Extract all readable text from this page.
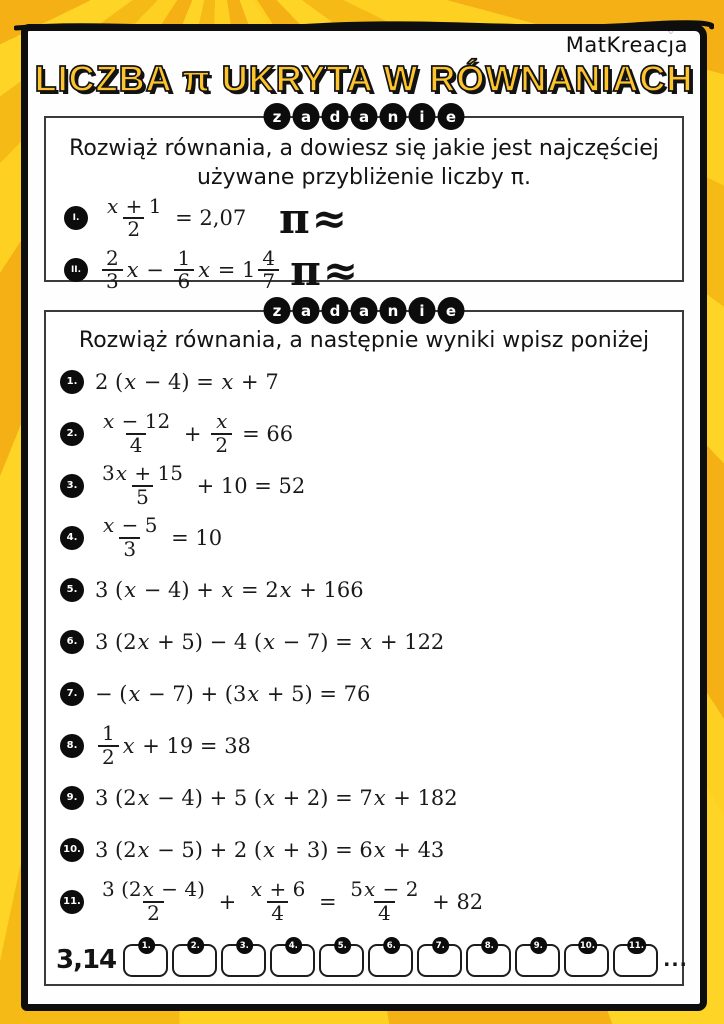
MatKreacȷ
♡
a
LICZBA π UKRYTA W RÓWNANIACH
z	a	d	a	n	i	e
Rozwiąż równania, a dowiesz się jakie jest najczęściej
używane przybliżenie liczby π.
I.	$\frac{x + 1}{2} = 2,07$ π≈
II.	$\frac{2}{3}$ $x - \frac{1}{6}$ $x = 1 \frac{4}{7} \pi\approx$
z	a	d	a	n	i	e
Rozwiąż równania, a następnie wyniki wpisz poniżej
1. 2 (x − 4) = x + 7
2.	$\frac{x - 12}{4} + \frac{x}{2} = 66$
3.	$\frac{3x + 15}{5} + 10 = 52$
4.	$\frac{x - 5}{3} = 10$
5. 3 (x − 4) + x = 2x + 166
6. 3 (2x + 5) − 4 (x − 7) = x + 122
7. − (x − 7) + (3x + 5) = 76
8.	$\frac{1}{2}$ x + 19 = 38
9. 3 (2x − 4) + 5 (x + 2) = 7x + 182
10. 3 (2x − 5) + 2 (x + 3) = 6x + 43
11. $\frac{3 (2x - 4)}{2} + \frac{x + 6}{4} = \frac{5x - 2}{4} + 82$
3,14	1.	2.	3.	4.	5.	6.	7.	8.	9.	10.	11.
...
